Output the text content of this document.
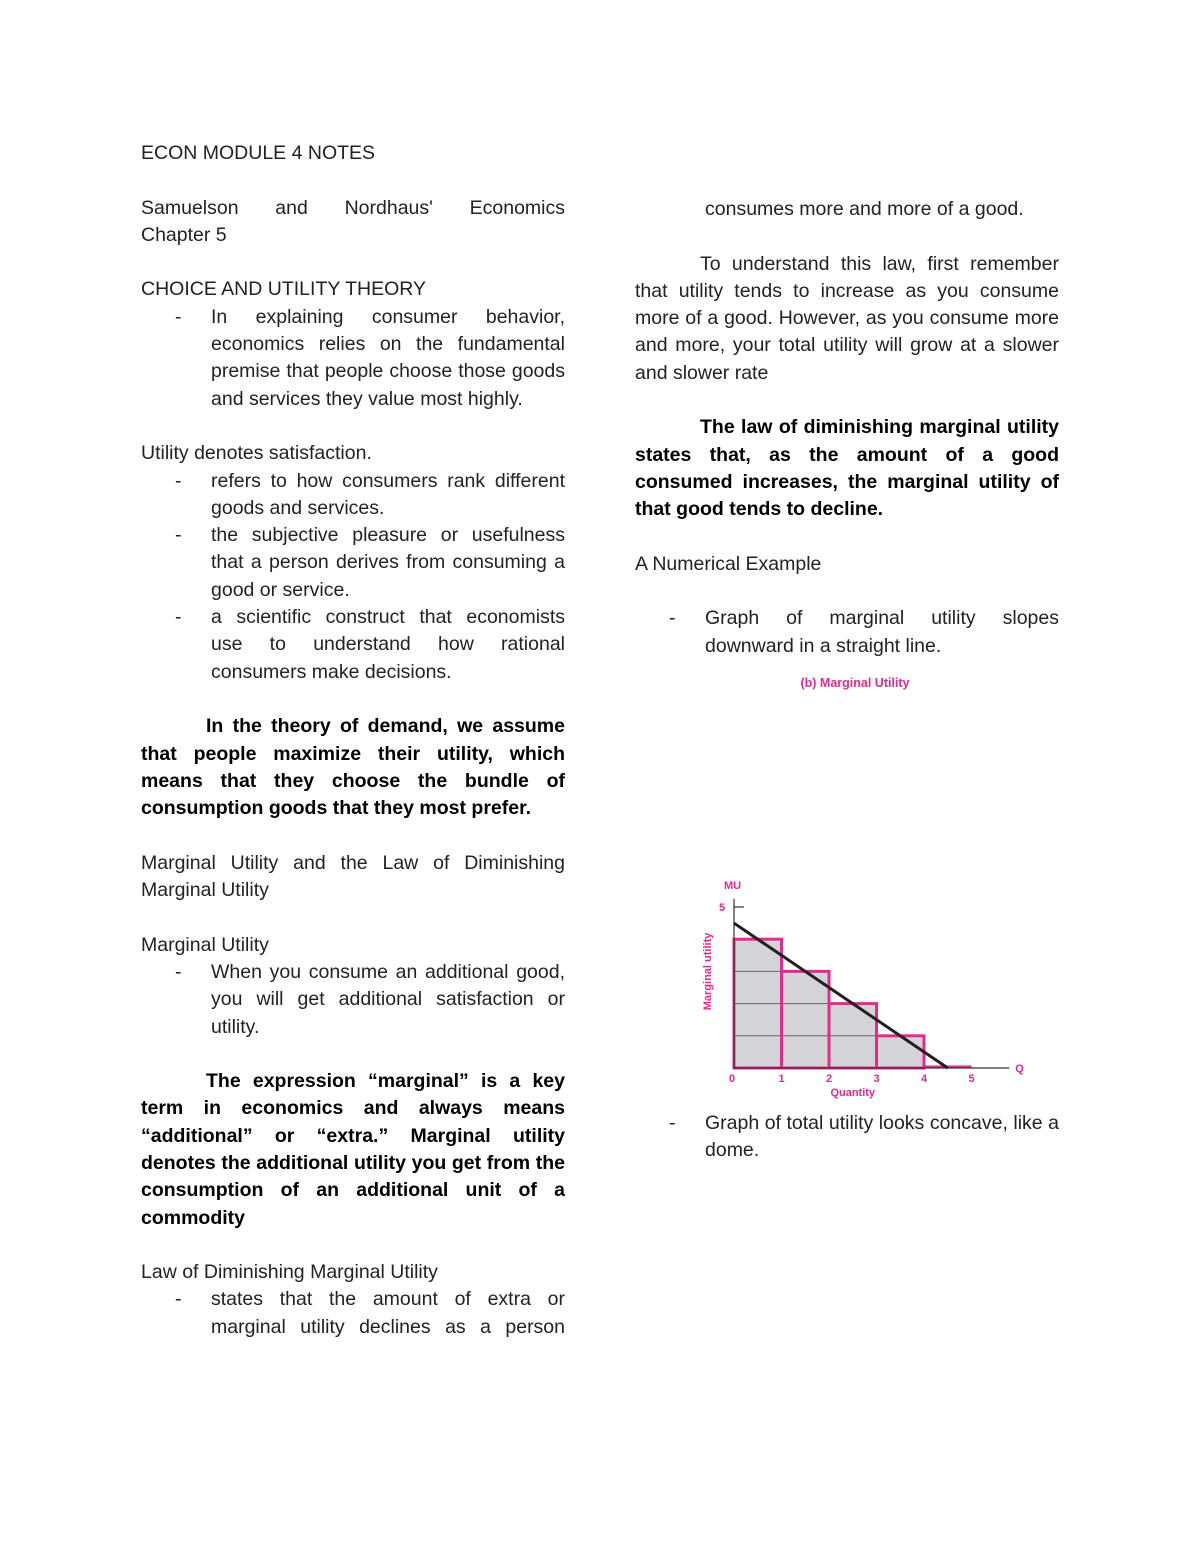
ECON MODULE 4 NOTES

Samuelson and Nordhaus' Economics

Chapter 5

CHOICE AND UTILITY THEORY

- In explaining consumer behavior, economics relies on the fundamental premise that people choose those goods and services they value most highly.

Utility denotes satisfaction.

- refers to how consumers rank different goods and services.
- the subjective pleasure or usefulness that a person derives from consuming a good or service.
- a scientific construct that economists use to understand how rational consumers make decisions.

In the theory of demand, we assume that people maximize their utility, which means that they choose the bundle of consumption goods that they most prefer.

Marginal Utility and the Law of Diminishing Marginal Utility

Marginal Utility

- When you consume an additional good, you will get additional satisfaction or utility.

The expression “marginal” is a key term in economics and always means “additional” or “extra.” Marginal utility denotes the additional utility you get from the consumption of an additional unit of a commodity

Law of Diminishing Marginal Utility

- states that the amount of extra or marginal utility declines as a person

consumes more and more of a good.

To understand this law, first remember that utility tends to increase as you consume more of a good. However, as you consume more and more, your total utility will grow at a slower and slower rate

The law of diminishing marginal utility states that, as the amount of a good consumed increases, the marginal utility of that good tends to decline.

A Numerical Example

- Graph of marginal utility slopes downward in a straight line.
(b) Marginal Utility
MU
Marginal utility
Quantity
Q
0	1	2	3	4	5
5
- Graph of total utility looks concave, like a dome.
